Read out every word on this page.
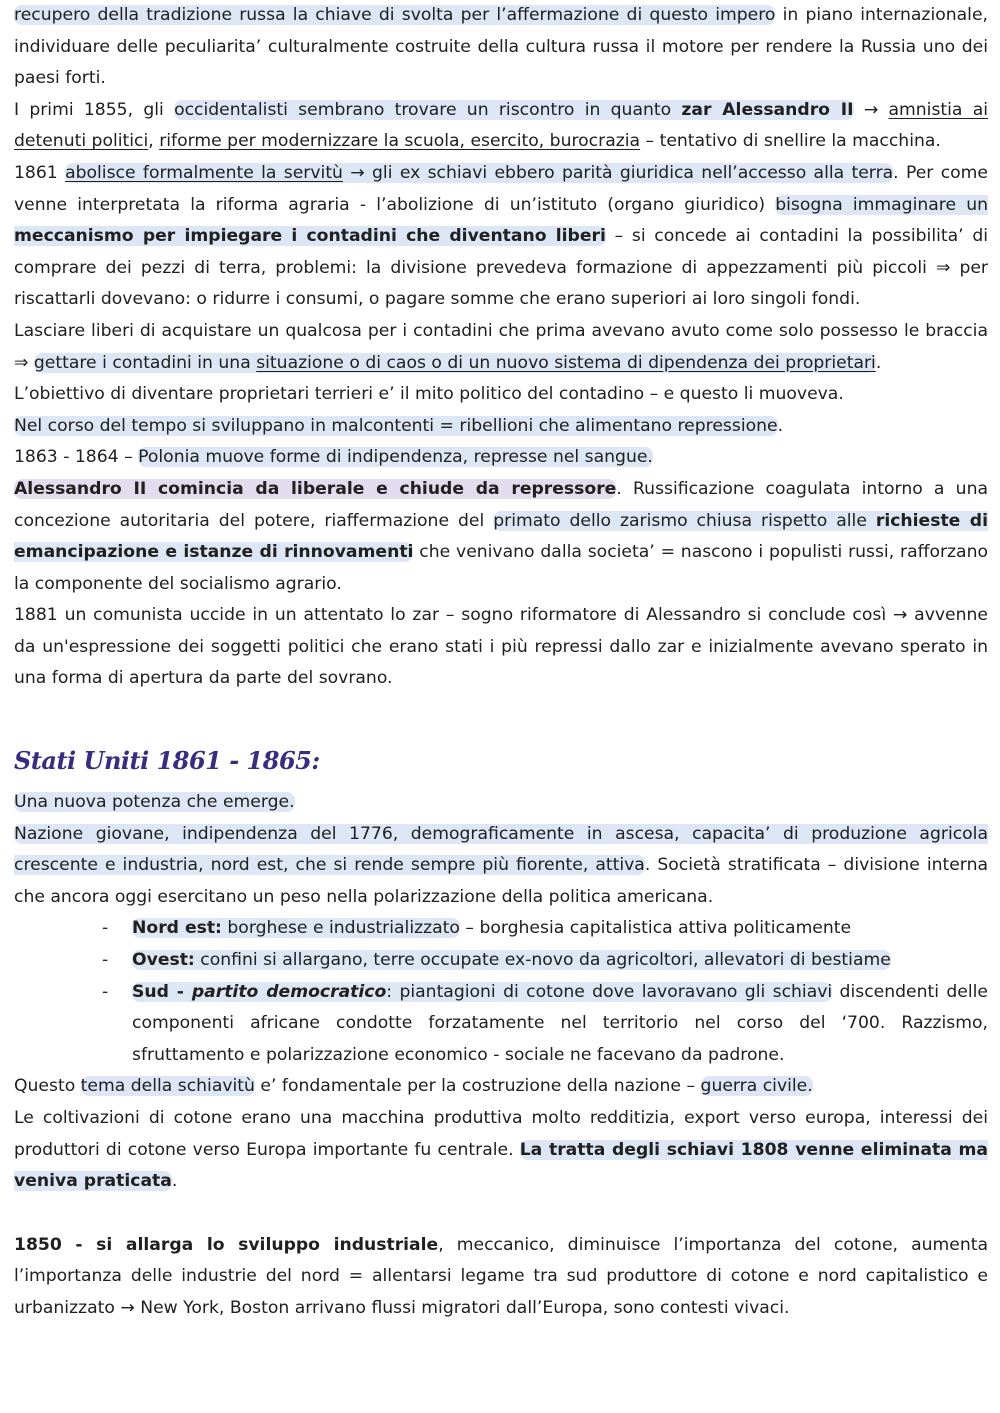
recupero della tradizione russa la chiave di svolta per l’affermazione di questo impero in piano internazionale, individuare delle peculiarita’ culturalmente costruite della cultura russa il motore per rendere la Russia uno dei paesi forti.

I primi 1855, gli occidentalisti sembrano trovare un riscontro in quanto zar Alessandro II → amnistia ai detenuti politici, riforme per modernizzare la scuola, esercito, burocrazia – tentativo di snellire la macchina.

1861 abolisce formalmente la servitù → gli ex schiavi ebbero parità giuridica nell’accesso alla terra. Per come venne interpretata la riforma agraria - l’abolizione di un’istituto (organo giuridico) bisogna immaginare un meccanismo per impiegare i contadini che diventano liberi – si concede ai contadini la possibilita’ di comprare dei pezzi di terra, problemi: la divisione prevedeva formazione di appezzamenti più piccoli ⇒ per riscattarli dovevano: o ridurre i consumi, o pagare somme che erano superiori ai loro singoli fondi.

Lasciare liberi di acquistare un qualcosa per i contadini che prima avevano avuto come solo possesso le braccia ⇒ gettare i contadini in una situazione o di caos o di un nuovo sistema di dipendenza dei proprietari.

L’obiettivo di diventare proprietari terrieri e’ il mito politico del contadino – e questo li muoveva.

Nel corso del tempo si sviluppano in malcontenti = ribellioni che alimentano repressione.

1863 - 1864 – Polonia muove forme di indipendenza, represse nel sangue.

Alessandro II comincia da liberale e chiude da repressore. Russificazione coagulata intorno a una concezione autoritaria del potere, riaffermazione del primato dello zarismo chiusa rispetto alle richieste di emancipazione e istanze di rinnovamenti che venivano dalla societa’ = nascono i populisti russi, rafforzano la componente del socialismo agrario.

1881 un comunista uccide in un attentato lo zar – sogno riformatore di Alessandro si conclude così → avvenne da un'espressione dei soggetti politici che erano stati i più repressi dallo zar e inizialmente avevano sperato in una forma di apertura da parte del sovrano.

Stati Uniti 1861 - 1865:

Una nuova potenza che emerge.

Nazione giovane, indipendenza del 1776, demograficamente in ascesa, capacita’ di produzione agricola crescente e industria, nord est, che si rende sempre più fiorente, attiva. Società stratificata – divisione interna che ancora oggi esercitano un peso nella polarizzazione della politica americana.

- Nord est: borghese e industrializzato – borghesia capitalistica attiva politicamente
- Ovest: confini si allargano, terre occupate ex-novo da agricoltori, allevatori di bestiame
- Sud - partito democratico: piantagioni di cotone dove lavoravano gli schiavi discendenti delle componenti africane condotte forzatamente nel territorio nel corso del ‘700. Razzismo, sfruttamento e polarizzazione economico - sociale ne facevano da padrone.

Questo tema della schiavitù e’ fondamentale per la costruzione della nazione – guerra civile.

Le coltivazioni di cotone erano una macchina produttiva molto redditizia, export verso europa, interessi dei produttori di cotone verso Europa importante fu centrale. La tratta degli schiavi 1808 venne eliminata ma veniva praticata.

1850 - si allarga lo sviluppo industriale, meccanico, diminuisce l’importanza del cotone, aumenta l’importanza delle industrie del nord = allentarsi legame tra sud produttore di cotone e nord capitalistico e urbanizzato → New York, Boston arrivano flussi migratori dall’Europa, sono contesti vivaci.
